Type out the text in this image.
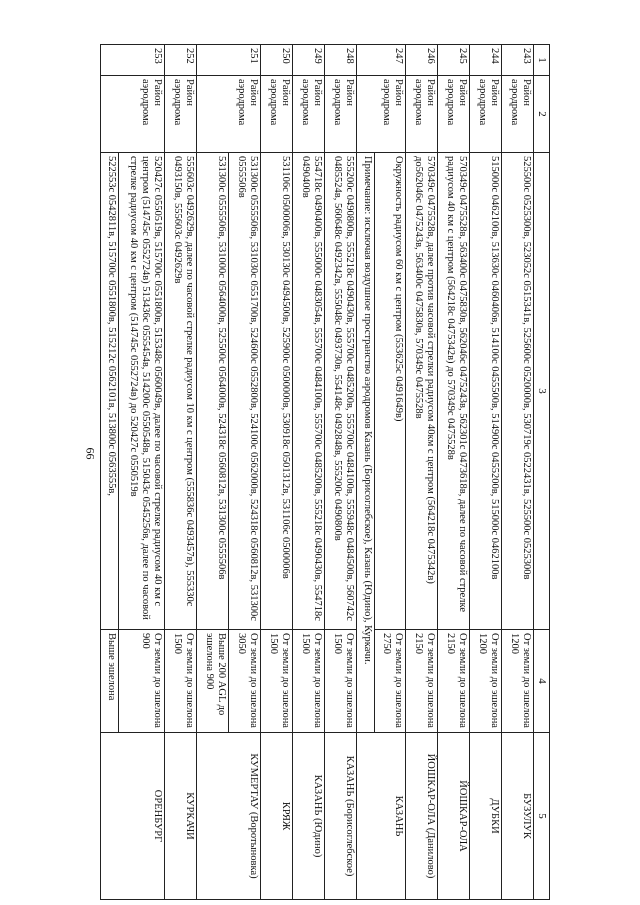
66
1	2	3	4	5
243	Район аэродрома	525500с 0525300в, 523052с 0515341в, 525600с 0520000в, 530719с 0522431в, 525500с 0525300в	От земли до эшелона 1200	БУЗУЛУК
244	Район аэродрома	515000с 0462100в, 513630с 0460406в, 514100с 0455500в, 514900с 0455200в, 515000с 0462100в	От земли до эшелона 1200	ДУБКИ
245	Район аэродрома	570349с 0475528в, 563400с 0475830в, 562046с 0475243в, 562301с 0473618в, далее по часовой стрелке радиусом 40 км с центром (564218с 0475342в) до 570349с 0475528в	От земли до эшелона 2150	ЙОШКАР-ОЛА
246	Район аэродрома	570349с 0475528в, далее против часовой стрелки радиусом 40км с центром (564218с 0475342в) до562046с 0475243в, 563400с 0475830в, 570349с 0475528в	От земли до эшелона 2150	ЙОШКАР-ОЛА (Данилово)
247	Район аэродрома	Окружность радиусом 60 км с центром (553625с 0491649в)	От земли до эшелона 2750	КАЗАНЬ
		Примечание: исключая воздушное пространство аэродромов Казань (Борисоглебское), Казань (Юдино), Куркачи.		
248	Район аэродрома	555200с 0490800в, 555218с 0490430в, 555700с 0485200в, 555700с 0484100в, 555948с 0484500в, 560742с 0485524в, 560648с 0492342в, 555048с 0493730в, 554148с 0492848в, 555200с 0490800в	От земли до эшелона 1500	КАЗАНЬ (Борисоглебское)
249	Район аэродрома	554718с 0490400в, 555000с 0483054в, 555700с 0484100в, 555700с 0485200в, 555218с 0490430в, 554718с 0490400в	От земли до эшелона 1500	КАЗАНЬ (Юдино)
250	Район аэродрома	531106с 0500006в, 530130с 0494500в, 525900с 0500000в, 530918с 0501312в, 531106с 0500006в	От земли до эшелона 1500	КРЯЖ
251	Район аэродрома	531300с 0555506в, 531030с 0551700в, 524600с 0552800в, 524100с 0562000в, 524318с 0560812в, 531300с 0555506в	От земли до эшелона 3050	КУМЕРТАУ (Воротыновка)
		531300с 0555506в, 531000с 0564000в, 525500с 0564000в, 524318с 0560812в, 531300с 0555506в	Выше 200 AGL до эшелона 900	
252	Район аэродрома	555603с 0492629в, далее по часовой стрелке радиусом 10 км с центром (555836с 0493457в), 555330с 0493150в, 555603с 0492629в	От земли до эшелона 1500	КУРКАЧИ
253	Район аэродрома	520427с 0550519в, 515700с 0551800в, 515348с 0560049в, далее по часовой стрелке радиусом 40 км с центром (514745с 0552724в) 513436с 0555454в, 514200с 0550548в, 515043с 0545256в, далее по часовой стрелке радиусом 40 км с центром (514745с 0552724в) до 520427с 0550519в	От земли до эшелона 900	ОРЕНБУРГ
		522553с 0542811в, 515700с 0551800в, 515212с 0562101в, 513800с 0563555в,	Выше эшелона	
